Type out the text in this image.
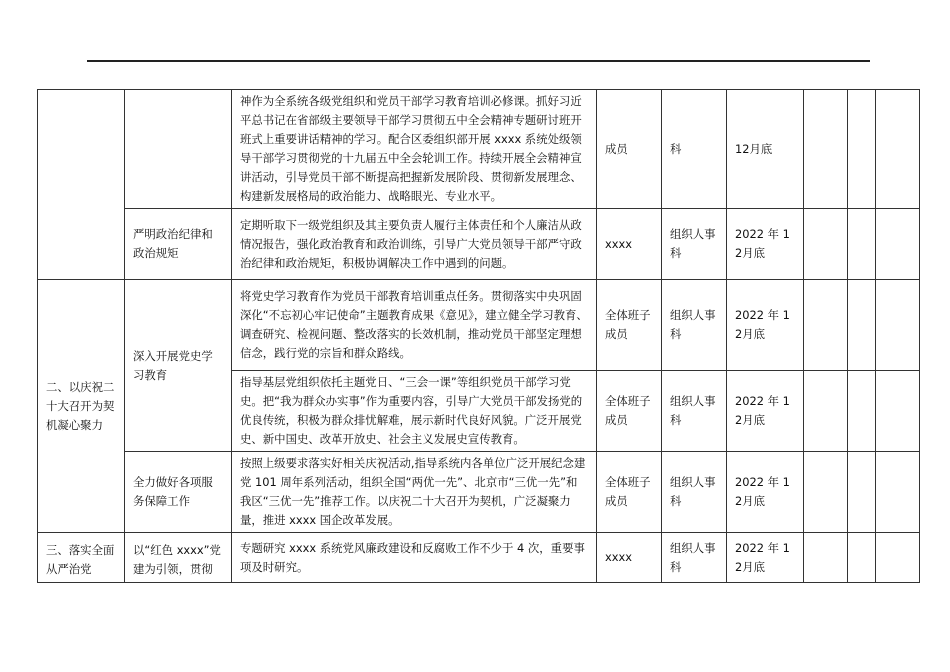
		神作为全系统各级党组织和党员干部学习教育培训必修课。抓好习近平总书记在省部级主要领导干部学习贯彻五中全会精神专题研讨班开班式上重要讲话精神的学习。配合区委组织部开展 xxxx 系统处级领导干部学习贯彻党的十九届五中全会轮训工作。持续开展全会精神宣讲活动，引导党员干部不断提高把握新发展阶段、贯彻新发展理念、构建新发展格局的政治能力、战略眼光、专业水平。	成员	科	12月底			
	严明政治纪律和政治规矩	定期听取下一级党组织及其主要负责人履行主体责任和个人廉洁从政情况报告，强化政治教育和政治训练，引导广大党员领导干部严守政治纪律和政治规矩，积极协调解决工作中遇到的问题。	xxxx	组织人事科	2022 年 12月底			
二、以庆祝二十大召开为契机凝心聚力	深入开展党史学习教育	将党史学习教育作为党员干部教育培训重点任务。贯彻落实中央巩固深化“不忘初心牢记使命”主题教育成果《意见》，建立健全学习教育、调查研究、检视问题、整改落实的长效机制，推动党员干部坚定理想信念，践行党的宗旨和群众路线。	全体班子成员	组织人事科	2022 年 12月底			
		指导基层党组织依托主题党日、“三会一课”等组织党员干部学习党史。把“我为群众办实事”作为重要内容，引导广大党员干部发扬党的优良传统，积极为群众排忧解难，展示新时代良好风貌。广泛开展党史、新中国史、改革开放史、社会主义发展史宣传教育。	全体班子成员	组织人事科	2022 年 12月底			
	全力做好各项服务保障工作	按照上级要求落实好相关庆祝活动,指导系统内各单位广泛开展纪念建党 101 周年系列活动，组织全国“两优一先”、北京市“三优一先”和我区“三优一先”推荐工作。以庆祝二十大召开为契机，广泛凝聚力量，推进 xxxx 国企改革发展。	全体班子成员	组织人事科	2022 年 12月底			
三、落实全面从严治党	以“红色 xxxx”党建为引领，贯彻	专题研究 xxxx 系统党风廉政建设和反腐败工作不少于 4 次，重要事项及时研究。	xxxx	组织人事科	2022 年 12月底			
